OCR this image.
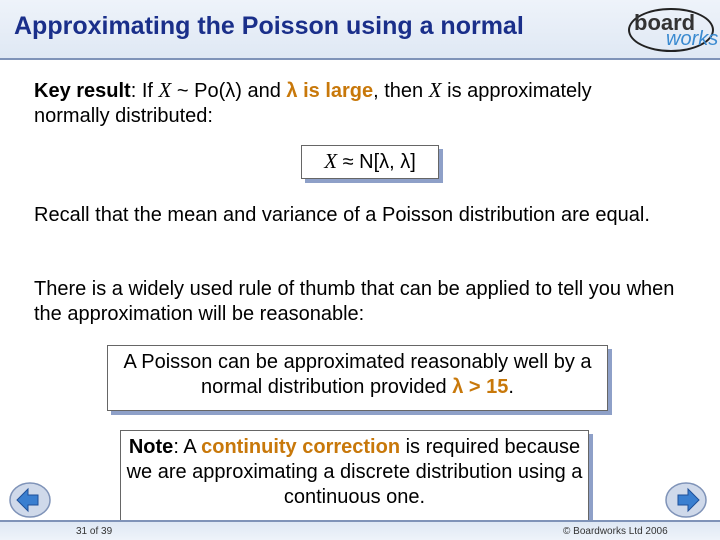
Approximating the Poisson using a normal	board
works
Key result: If X ~ Po(λ) and λ is large, then X is approximately
normally distributed:
X ≈ N[λ, λ]
Recall that the mean and variance of a Poisson distribution are equal.
There is a widely used rule of thumb that can be applied to tell you when the approximation will be reasonable:
A Poisson can be approximated reasonably well by a normal distribution provided λ > 15.
Note: A continuity correction is required because we are approximating a discrete distribution using a continuous one.
31 of 39	© Boardworks Ltd 2006
